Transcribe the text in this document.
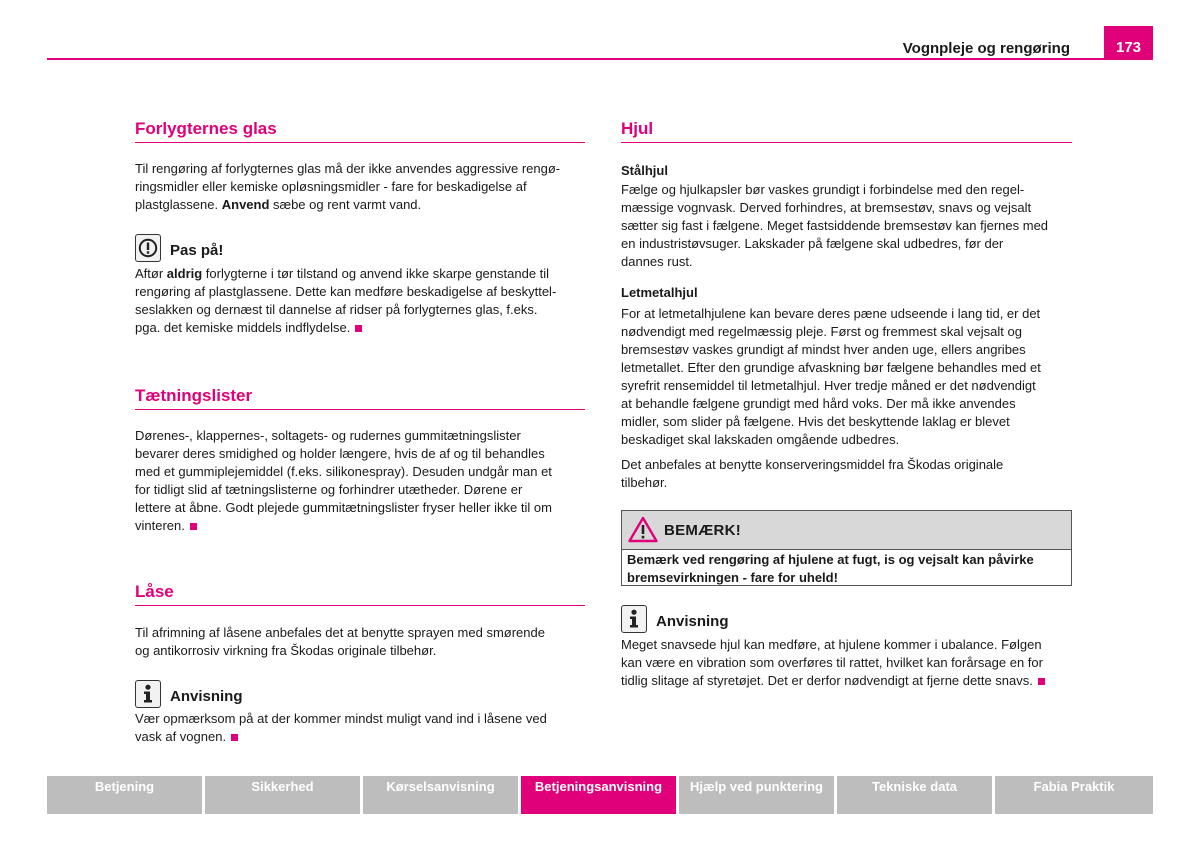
Vognpleje og rengøring	173
Forlygternes glas
Til rengøring af forlygternes glas må der ikke anvendes aggressive rengø-
ringsmidler eller kemiske opløsningsmidler - fare for beskadigelse af
plastglassene. Anvend sæbe og rent varmt vand.
Pas på!
Aftør aldrig forlygterne i tør tilstand og anvend ikke skarpe genstande til
rengøring af plastglassene. Dette kan medføre beskadigelse af beskyttel-
seslakken og dernæst til dannelse af ridser på forlygternes glas, f.eks.
pga. det kemiske middels indflydelse.
Tætningslister
Dørenes-, klappernes-, soltagets- og rudernes gummitætningslister
bevarer deres smidighed og holder længere, hvis de af og til behandles
med et gummiplejemiddel (f.eks. silikonespray). Desuden undgår man et
for tidligt slid af tætningslisterne og forhindrer utætheder. Dørene er
lettere at åbne. Godt plejede gummitætningslister fryser heller ikke til om
vinteren.
Låse
Til afrimning af låsene anbefales det at benytte sprayen med smørende
og antikorrosiv virkning fra Škodas originale tilbehør.
Anvisning
Vær opmærksom på at der kommer mindst muligt vand ind i låsene ved
vask af vognen.
Hjul
Stålhjul
Fælge og hjulkapsler bør vaskes grundigt i forbindelse med den regel-
mæssige vognvask. Derved forhindres, at bremsestøv, snavs og vejsalt
sætter sig fast i fælgene. Meget fastsiddende bremsestøv kan fjernes med
en industristøvsuger. Lakskader på fælgene skal udbedres, før der
dannes rust.
Letmetalhjul
For at letmetalhjulene kan bevare deres pæne udseende i lang tid, er det
nødvendigt med regelmæssig pleje. Først og fremmest skal vejsalt og
bremsestøv vaskes grundigt af mindst hver anden uge, ellers angribes
letmetallet. Efter den grundige afvaskning bør fælgene behandles med et
syrefrit rensemiddel til letmetalhjul. Hver tredje måned er det nødvendigt
at behandle fælgene grundigt med hård voks. Der må ikke anvendes
midler, som slider på fælgene. Hvis det beskyttende laklag er blevet
beskadiget skal lakskaden omgående udbedres.
Det anbefales at benytte konserveringsmiddel fra Škodas originale
tilbehør.
BEMÆRK!
Bemærk ved rengøring af hjulene at fugt, is og vejsalt kan påvirke
bremsevirkningen - fare for uheld!
Anvisning
Meget snavsede hjul kan medføre, at hjulene kommer i ubalance. Følgen
kan være en vibration som overføres til rattet, hvilket kan forårsage en for
tidlig slitage af styretøjet. Det er derfor nødvendigt at fjerne dette snavs.
Betjening	Sikkerhed	Kørselsanvisning	Betjeningsanvisning	Hjælp ved punktering	Tekniske data	Fabia Praktik
